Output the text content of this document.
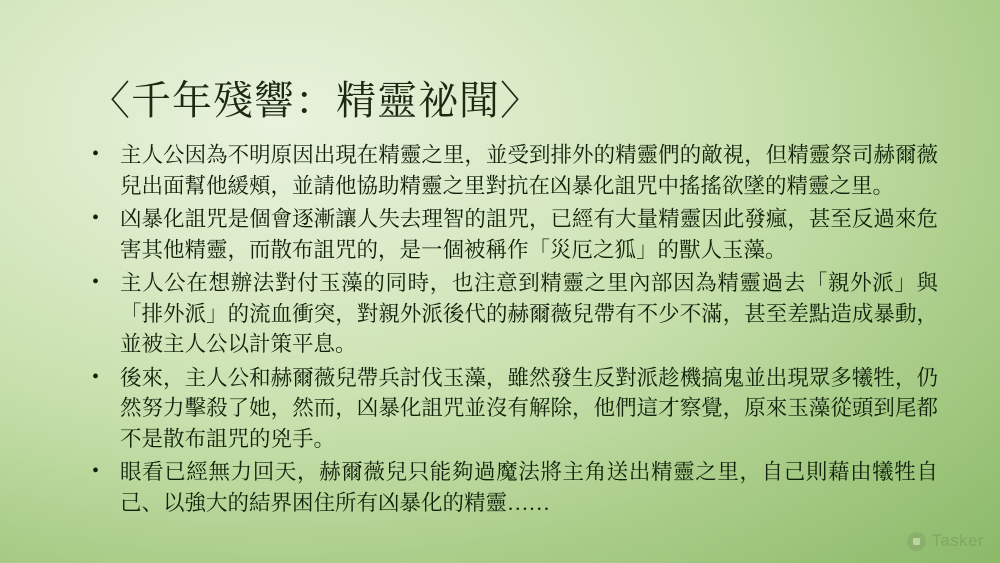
〈千年殘響：精靈祕聞〉
• 主人公因為不明原因出現在精靈之里，並受到排外的精靈們的敵視，但精靈祭司赫爾薇兒出面幫他緩頰，並請他協助精靈之里對抗在凶暴化詛咒中搖搖欲墜的精靈之里。
• 凶暴化詛咒是個會逐漸讓人失去理智的詛咒，已經有大量精靈因此發瘋，甚至反過來危害其他精靈，而散布詛咒的，是一個被稱作「災厄之狐」的獸人玉藻。
• 主人公在想辦法對付玉藻的同時，也注意到精靈之里內部因為精靈過去「親外派」與「排外派」的流血衝突，對親外派後代的赫爾薇兒帶有不少不滿，甚至差點造成暴動，並被主人公以計策平息。
• 後來，主人公和赫爾薇兒帶兵討伐玉藻，雖然發生反對派趁機搞鬼並出現眾多犧牲，仍然努力擊殺了她，然而，凶暴化詛咒並沒有解除，他們這才察覺，原來玉藻從頭到尾都不是散布詛咒的兇手。
• 眼看已經無力回天，赫爾薇兒只能夠過魔法將主角送出精靈之里，自己則藉由犧牲自己、以強大的結界困住所有凶暴化的精靈……
Tasker
